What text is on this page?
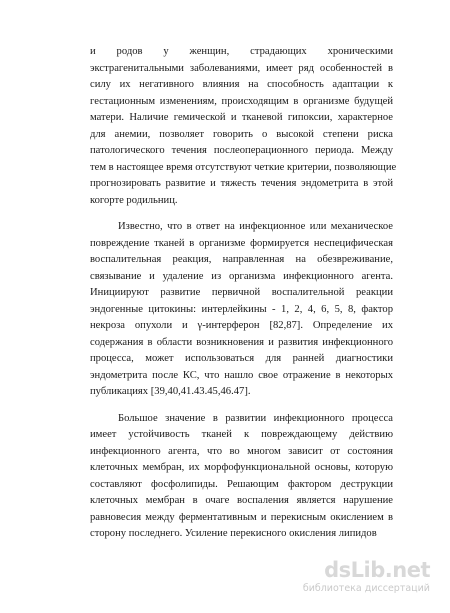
и родов у женщин, страдающих хроническими
экстрагенитальными заболеваниями, имеет ряд особенностей в
силу их негативного влияния на способность адаптации к
гестационным изменениям, происходящим в организме будущей
матери. Наличие гемической и тканевой гипоксии, характерное
для анемии, позволяет говорить о высокой степени риска
патологического течения послеоперационного периода. Между
тем в настоящее время отсутствуют четкие критерии, позволяющие
прогнозировать развитие и тяжесть течения эндометрита в этой
когорте родильниц.
Известно, что в ответ на инфекционное или механическое
повреждение тканей в организме формируется неспецифическая
воспалительная реакция, направленная на обезвреживание,
связывание и удаление из организма инфекционного агента.
Инициируют развитие первичной воспалительной реакции
эндогенные цитокины: интерлейкины - 1, 2, 4, 6, 5, 8, фактор
некроза опухоли и γ-интерферон [82,87]. Определение их
содержания в области возникновения и развития инфекционного
процесса, может использоваться для ранней диагностики
эндометрита после КС, что нашло свое отражение в некоторых
публикациях [39,40,41.43.45,46.47].
Большое значение в развитии инфекционного процесса
имеет устойчивость тканей к повреждающему действию
инфекционного агента, что во многом зависит от состояния
клеточных мембран, их морфофункциональной основы, которую
составляют фосфолипиды. Решающим фактором деструкции
клеточных мембран в очаге воспаления является нарушение
равновесия между ферментативным и перекисным окислением в
сторону последнего. Усиление перекисного окисления липидов
dsLib.net
библиотека диссертаций
